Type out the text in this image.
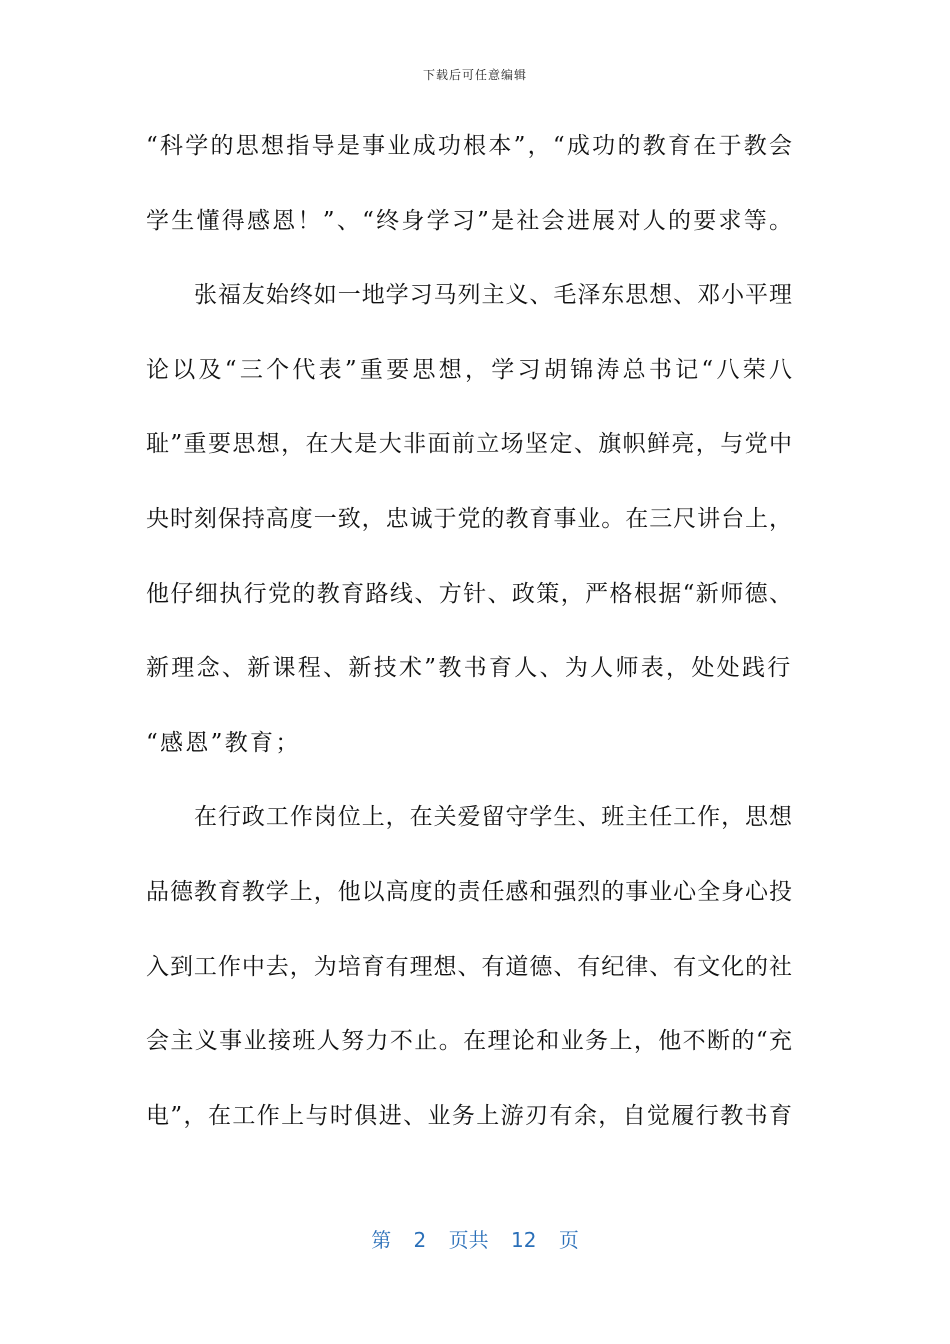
下载后可任意编辑
“科学的思想指导是事业成功根本”，“成功的教育在于教会
学生懂得感恩！”、“终身学习”是社会进展对人的要求等。
张福友始终如一地学习马列主义、毛泽东思想、邓小平理
论以及“三个代表”重要思想，学习胡锦涛总书记“八荣八
耻”重要思想，在大是大非面前立场坚定、旗帜鲜亮，与党中
央时刻保持高度一致，忠诚于党的教育事业。在三尺讲台上，
他仔细执行党的教育路线、方针、政策，严格根据“新师德、
新理念、新课程、新技术”教书育人、为人师表，处处践行
“感恩”教育；
在行政工作岗位上，在关爱留守学生、班主任工作，思想
品德教育教学上，他以高度的责任感和强烈的事业心全身心投
入到工作中去，为培育有理想、有道德、有纪律、有文化的社
会主义事业接班人努力不止。在理论和业务上，他不断的“充
电”，在工作上与时俱进、业务上游刃有余，自觉履行教书育
第 2 页共 12 页
